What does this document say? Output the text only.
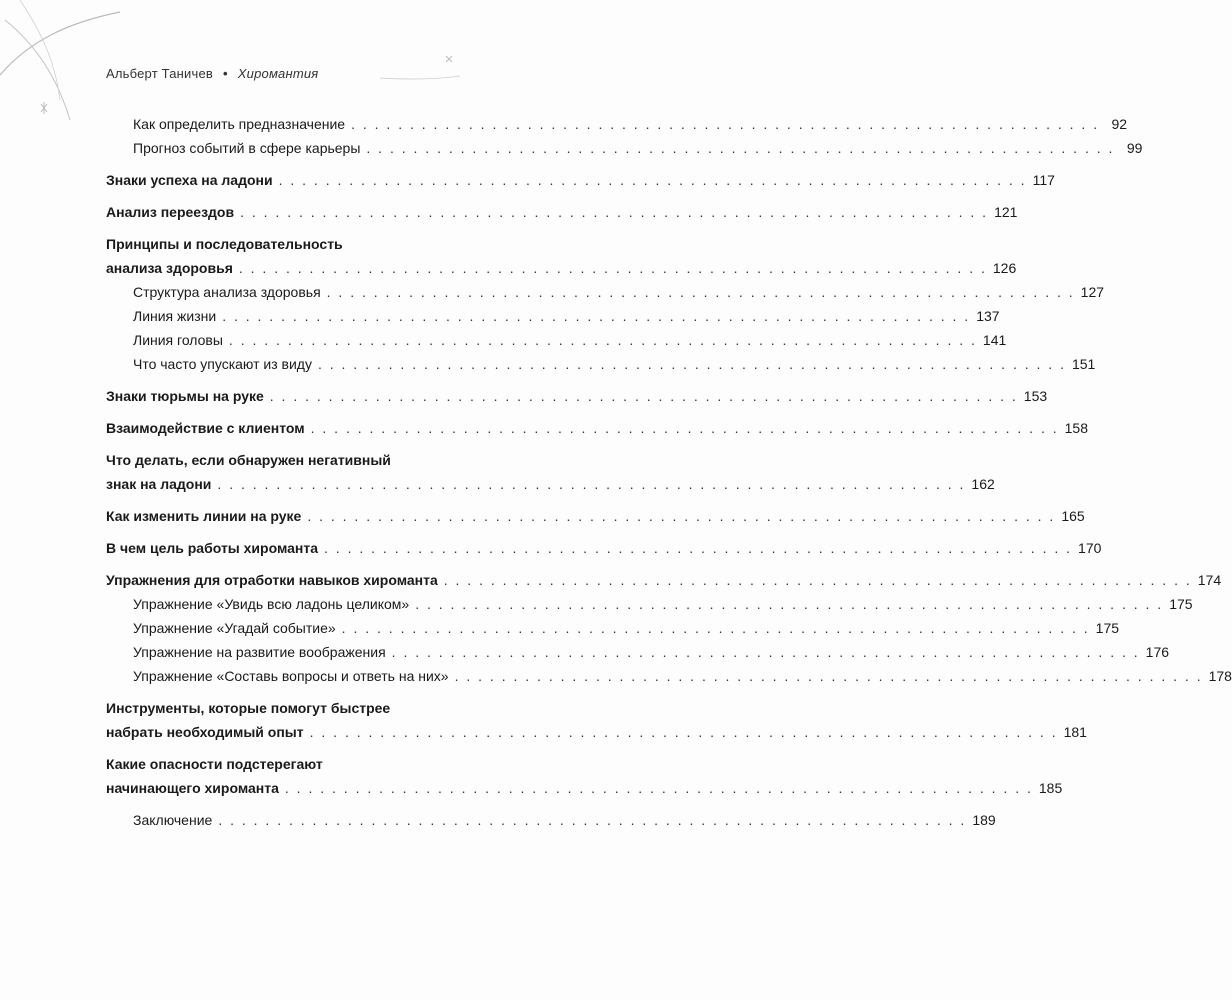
Альберт Таничев • Хиромантия
Как определить предназначение . . . . . . . . . . . . . . . . . . . . . . . . . . . . . . . . . . . . . . . . . . . . . . . . . . . . . . . . . . . . . . . . 92
Прогноз событий в сфере карьеры . . . . . . . . . . . . . . . . . . . . . . . . . . . . . . . . . . . . . . . . . . . . . . . . . . . . . . . . . . . . . . . . 99
Знаки успеха на ладони . . . . . . . . . . . . . . . . . . . . . . . . . . . . . . . . . . . . . . . . . . . . . . . . . . . . . . . . . . . . . . . . 117
Анализ переездов . . . . . . . . . . . . . . . . . . . . . . . . . . . . . . . . . . . . . . . . . . . . . . . . . . . . . . . . . . . . . . . . 121
Принципы и последовательность
анализа здоровья . . . . . . . . . . . . . . . . . . . . . . . . . . . . . . . . . . . . . . . . . . . . . . . . . . . . . . . . . . . . . . . . 126
Структура анализа здоровья . . . . . . . . . . . . . . . . . . . . . . . . . . . . . . . . . . . . . . . . . . . . . . . . . . . . . . . . . . . . . . . . 127
Линия жизни . . . . . . . . . . . . . . . . . . . . . . . . . . . . . . . . . . . . . . . . . . . . . . . . . . . . . . . . . . . . . . . . 137
Линия головы . . . . . . . . . . . . . . . . . . . . . . . . . . . . . . . . . . . . . . . . . . . . . . . . . . . . . . . . . . . . . . . . 141
Что часто упускают из виду . . . . . . . . . . . . . . . . . . . . . . . . . . . . . . . . . . . . . . . . . . . . . . . . . . . . . . . . . . . . . . . . 151
Знаки тюрьмы на руке . . . . . . . . . . . . . . . . . . . . . . . . . . . . . . . . . . . . . . . . . . . . . . . . . . . . . . . . . . . . . . . . 153
Взаимодействие с клиентом . . . . . . . . . . . . . . . . . . . . . . . . . . . . . . . . . . . . . . . . . . . . . . . . . . . . . . . . . . . . . . . . 158
Что делать, если обнаружен негативный
знак на ладони . . . . . . . . . . . . . . . . . . . . . . . . . . . . . . . . . . . . . . . . . . . . . . . . . . . . . . . . . . . . . . . . 162
Как изменить линии на руке . . . . . . . . . . . . . . . . . . . . . . . . . . . . . . . . . . . . . . . . . . . . . . . . . . . . . . . . . . . . . . . . 165
В чем цель работы хироманта . . . . . . . . . . . . . . . . . . . . . . . . . . . . . . . . . . . . . . . . . . . . . . . . . . . . . . . . . . . . . . . . 170
Упражнения для отработки навыков хироманта . . . . . . . . . . . . . . . . . . . . . . . . . . . . . . . . . . . . . . . . . . . . . . . . . . . . . . . . . . . . . . . . 174
Упражнение «Увидь всю ладонь целиком» . . . . . . . . . . . . . . . . . . . . . . . . . . . . . . . . . . . . . . . . . . . . . . . . . . . . . . . . . . . . . . . . 175
Упражнение «Угадай событие» . . . . . . . . . . . . . . . . . . . . . . . . . . . . . . . . . . . . . . . . . . . . . . . . . . . . . . . . . . . . . . . . 175
Упражнение на развитие воображения . . . . . . . . . . . . . . . . . . . . . . . . . . . . . . . . . . . . . . . . . . . . . . . . . . . . . . . . . . . . . . . . 176
Упражнение «Составь вопросы и ответь на них» . . . . . . . . . . . . . . . . . . . . . . . . . . . . . . . . . . . . . . . . . . . . . . . . . . . . . . . . . . . . . . . . 178
Инструменты, которые помогут быстрее
набрать необходимый опыт . . . . . . . . . . . . . . . . . . . . . . . . . . . . . . . . . . . . . . . . . . . . . . . . . . . . . . . . . . . . . . . . 181
Какие опасности подстерегают
начинающего хироманта . . . . . . . . . . . . . . . . . . . . . . . . . . . . . . . . . . . . . . . . . . . . . . . . . . . . . . . . . . . . . . . . 185
Заключение . . . . . . . . . . . . . . . . . . . . . . . . . . . . . . . . . . . . . . . . . . . . . . . . . . . . . . . . . . . . . . . . 189
